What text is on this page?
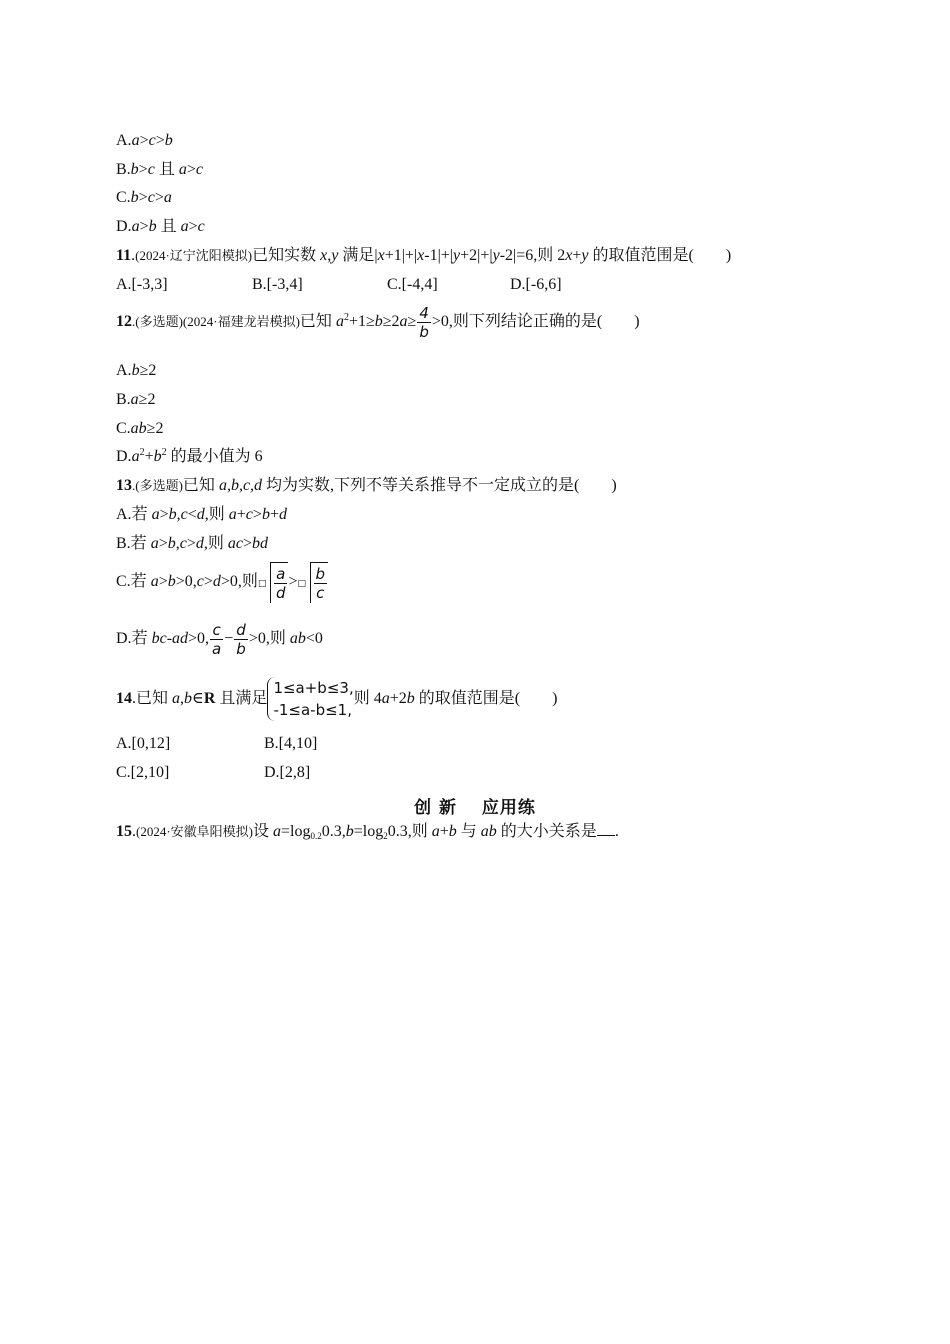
A.a>c>b
B.b>c 且 a>c
C.b>c>a
D.a>b 且 a>c
11.(2024·辽宁沈阳模拟)已知实数 x,y 满足|x+1|+|x-1|+|y+2|+|y-2|=6,则 2x+y 的取值范围是( )
A.[-3,3]	B.[-3,4]	C.[-4,4]	D.[-6,6]
12.(多选题)(2024·福建龙岩模拟)已知 $a^2+1\ge b\ge 2a\ge \frac{4}{b} >0$,则下列结论正确的是( )
A.b≥2
B.a≥2
C.ab≥2
$D.a^2+b^2$ 的最小值为 6
13.(多选题)已知 a,b,c,d 均为实数,下列不等关系推导不一定成立的是( )
A.若 a>b,c<d,则 a+c>b+d
B.若 a>b,c>d,则 ac>bd
C.若 a>b>0,c>d>0,则 □ $\frac{a}{d}$ > □ $\frac{b}{c}$
D.若 bc-ad>0, $\frac{c}{a} - \frac{d}{b} >0$,则 ab<0
14.已知 a,b∈R 且满足
1≤a+b≤3,
-1≤a-b≤1,
则 4a+2b 的取值范围是( )
A.[0,12]	B.[4,10]
C.[2,10]	D.[2,8]
创 新　 应用练
15.(2024·安徽阜阳模拟)设 $a=\log_{0.2}0.3,b=\log_20.3$,则 a+b 与 ab 的大小关系是 .
